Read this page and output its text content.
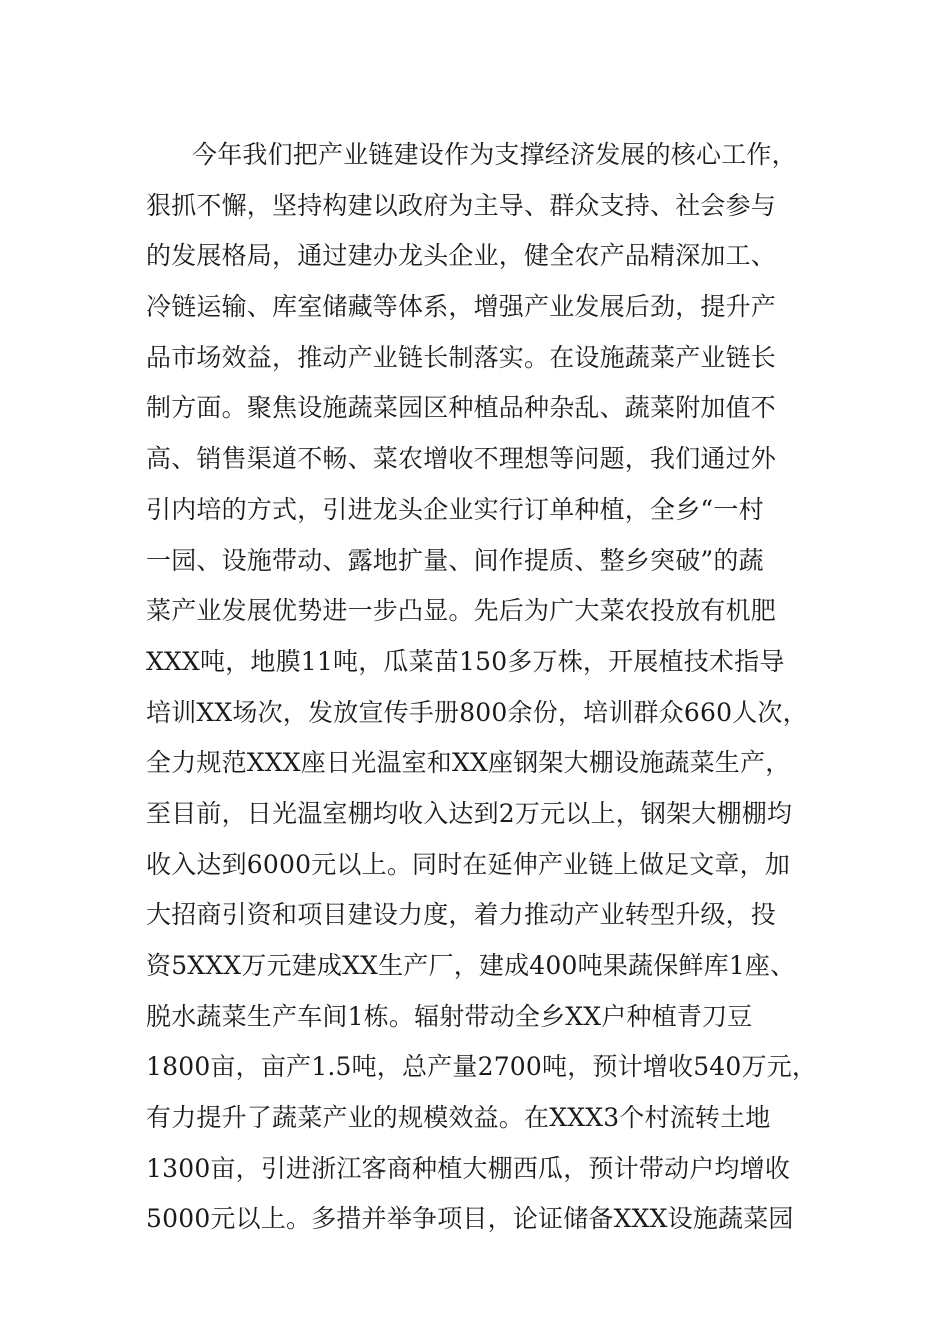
今年我们把产业链建设作为支撑经济发展的核心工作，
狠抓不懈，坚持构建以政府为主导、群众支持、社会参与
的发展格局，通过建办龙头企业，健全农产品精深加工、
冷链运输、库室储藏等体系，增强产业发展后劲，提升产
品市场效益，推动产业链长制落实。在设施蔬菜产业链长
制方面。聚焦设施蔬菜园区种植品种杂乱、蔬菜附加值不
高、销售渠道不畅、菜农增收不理想等问题，我们通过外
引内培的方式，引进龙头企业实行订单种植，全乡“一村
一园、设施带动、露地扩量、间作提质、整乡突破”的蔬
菜产业发展优势进一步凸显。先后为广大菜农投放有机肥
XXX吨，地膜11吨，瓜菜苗150多万株，开展植技术指导
培训XX场次，发放宣传手册800余份，培训群众660人次，
全力规范XXX座日光温室和XX座钢架大棚设施蔬菜生产，
至目前，日光温室棚均收入达到2万元以上，钢架大棚棚均
收入达到6000元以上。同时在延伸产业链上做足文章，加
大招商引资和项目建设力度，着力推动产业转型升级，投
资5XXX万元建成XX生产厂，建成400吨果蔬保鲜库1座、
脱水蔬菜生产车间1栋。辐射带动全乡XX户种植青刀豆
1800亩，亩产1.5吨，总产量2700吨，预计增收540万元，
有力提升了蔬菜产业的规模效益。在XXX3个村流转土地
1300亩，引进浙江客商种植大棚西瓜，预计带动户均增收
5000元以上。多措并举争项目，论证储备XXX设施蔬菜园
